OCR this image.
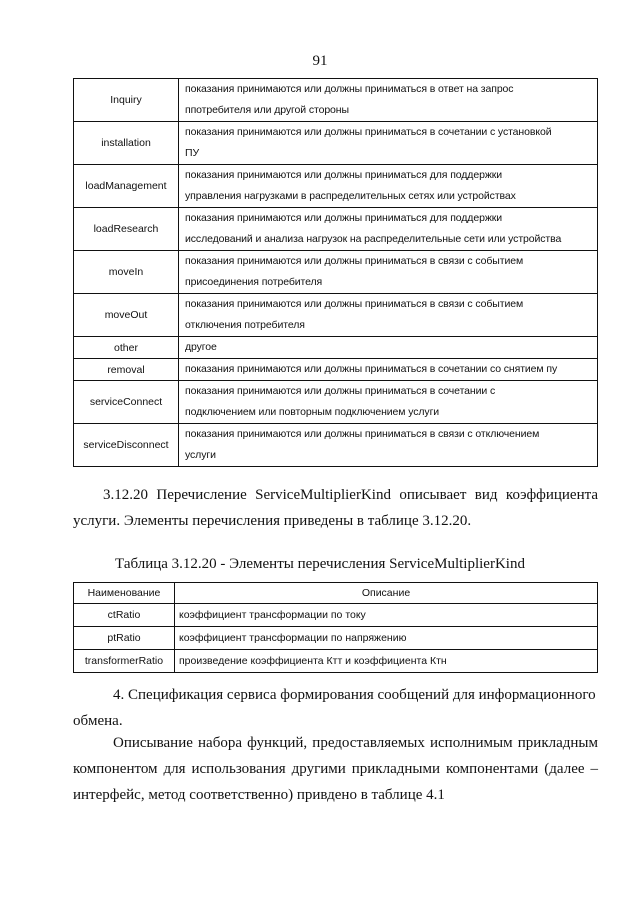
91
Inquiry	показания принимаются или должны приниматься в ответ на запрос
ппотребителя или другой стороны

installation	показания принимаются или должны приниматься в сочетании с установкой
ПУ

loadManagement	показания принимаются или должны приниматься для поддержки
управления нагрузками в распределительных сетях или устройствах

loadResearch	показания принимаются или должны приниматься для поддержки
исследований и анализа нагрузок на распределительные сети или устройства

moveIn	показания принимаются или должны приниматься в связи с событием
присоединения потребителя

moveOut	показания принимаются или должны приниматься в связи с событием
отключения потребителя

other	другое

removal	показания принимаются или должны приниматься в сочетании со снятием пу

serviceConnect	показания принимаются или должны приниматься в сочетании с
подключением или повторным подключением услуги

serviceDisconnect	показания принимаются или должны приниматься в связи с отключением
услуги

3.12.20 Перечисление ServiceMultiplierKind описывает вид коэффициента услуги. Элементы перечисления приведены в таблице 3.12.20.

Таблица 3.12.20 - Элементы перечисления ServiceMultiplierKind
Наименование	Описание
ctRatio	коэффициент трансформации по току
ptRatio	коэффициент трансформации по напряжению
transformerRatio	произведение коэффициента Ктт и коэффициента Ктн

4. Спецификация сервиса формирования сообщений для информационного обмена.

Описывание набора функций, предоставляемых исполнимым прикладным компонентом для использования другими прикладными компонентами (далее – интерфейс, метод соответственно) привдено в таблице 4.1
